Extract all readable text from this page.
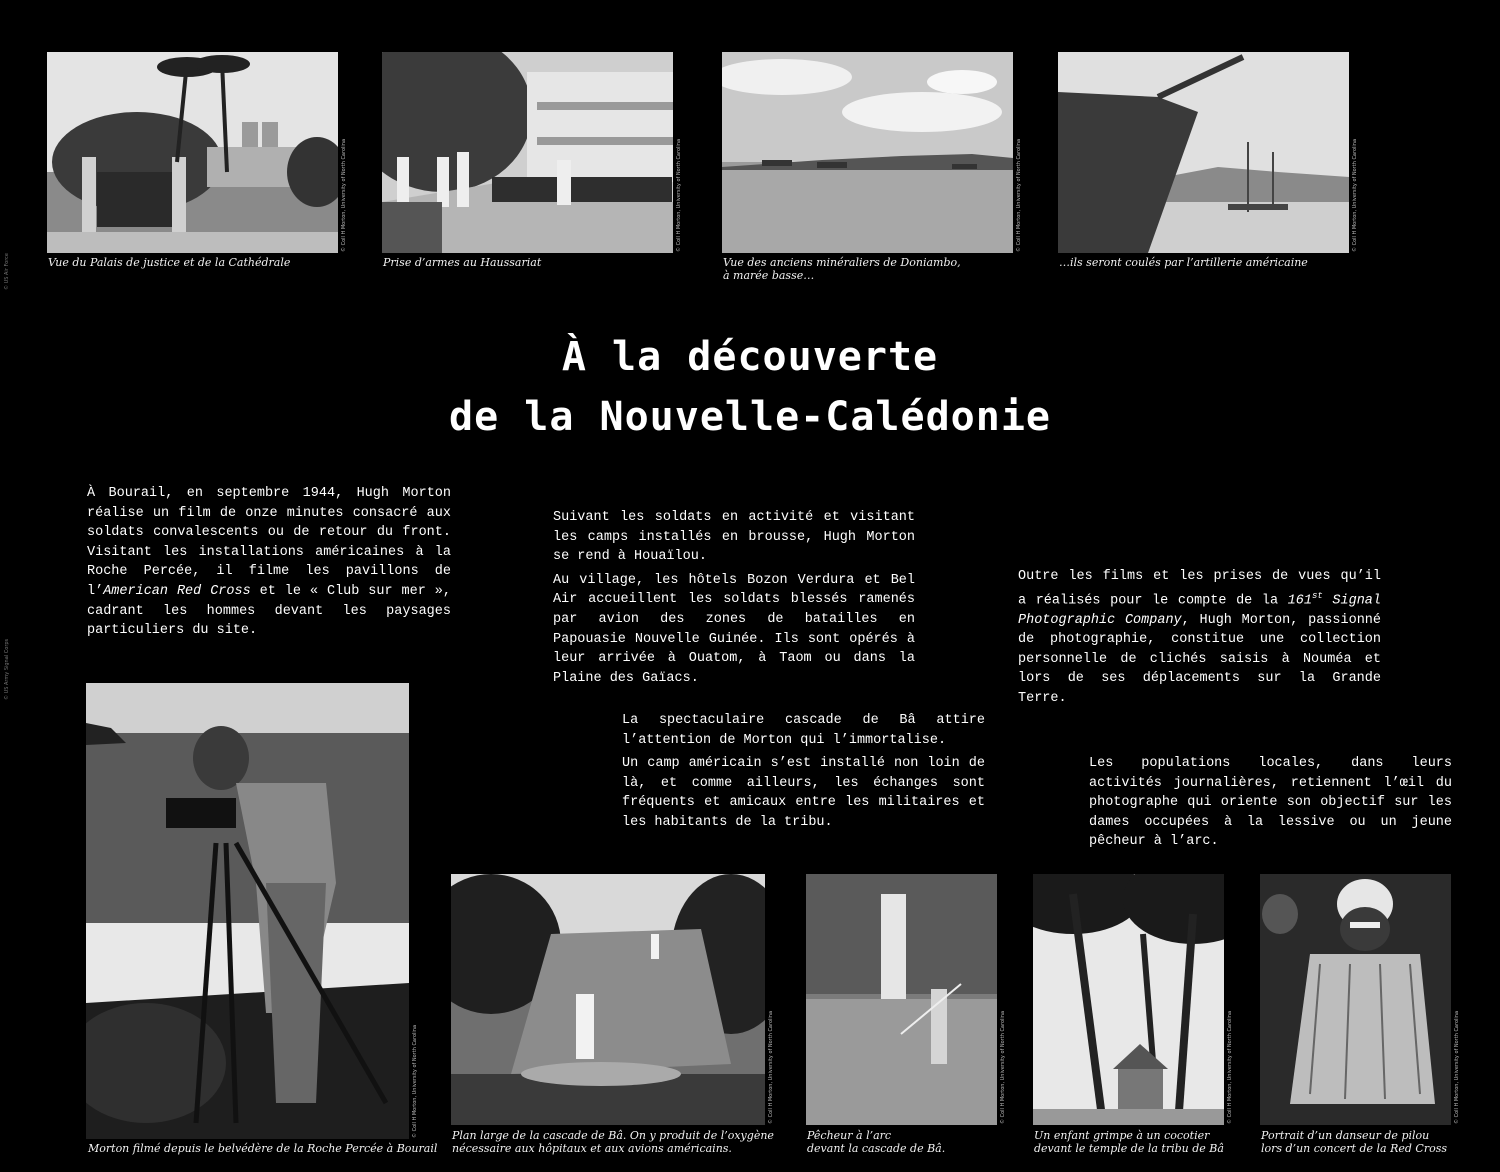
Vue du Palais de justice et de la Cathédrale	Prise d’armes au Haussariat	Vue des anciens minéraliers de Doniambo,
à marée basse…
…ils seront coulés par l’artillerie américaine
© Coll H Morton, University of North Carolina	© Coll H Morton, University of North Carolina	© Coll H Morton, University of North Carolina	© Coll H Morton, University of North Carolina
À la découverte
de la Nouvelle-Calédonie

À Bourail, en septembre 1944, Hugh Morton réalise un film de onze minutes consacré aux soldats convalescents ou de retour du front. Visitant les installations américaines à la Roche Percée, il filme les pavillons de l’American Red Cross et le « Club sur mer », cadrant les hommes devant les paysages particuliers du site.

Suivant les soldats en activité et visitant les camps installés en brousse, Hugh Morton se rend à Houaïlou.

Au village, les hôtels Bozon Verdura et Bel Air accueillent les soldats blessés ramenés par avion des zones de batailles en Papouasie Nouvelle Guinée. Ils sont opérés à leur arrivée à Ouatom, à Taom ou dans la Plaine des Gaïacs.

La spectaculaire cascade de Bâ attire l’attention de Morton qui l’immortalise.

Un camp américain s’est installé non loin de là, et comme ailleurs, les échanges sont fréquents et amicaux entre les militaires et les habitants de la tribu.

Outre les films et les prises de vues qu’il a réalisés pour le compte de la 161st Signal Photographic Company, Hugh Morton, passionné de photographie, constitue une collection personnelle de clichés saisis à Nouméa et lors de ses déplacements sur la Grande Terre.

Les populations locales, dans leurs activités journalières, retiennent l’œil du photographe qui oriente son objectif sur les dames occupées à la lessive ou un jeune pêcheur à l’arc.

Morton filmé depuis le belvédère de la Roche Percée à Bourail
Plan large de la cascade de Bâ. On y produit de l’oxygène
nécessaire aux hôpitaux et aux avions américains.
Pêcheur à l’arc
devant la cascade de Bâ.
Un enfant grimpe à un cocotier
devant le temple de la tribu de Bâ
Portrait d’un danseur de pilou
lors d’un concert de la Red Cross
© Coll H Morton, University of North Carolina	© Coll H Morton, University of North Carolina	© Coll H Morton, University of North Carolina	© Coll H Morton, University of North Carolina	© Coll H Morton, University of North Carolina
© US Air Force
© US Army Signal Corps
